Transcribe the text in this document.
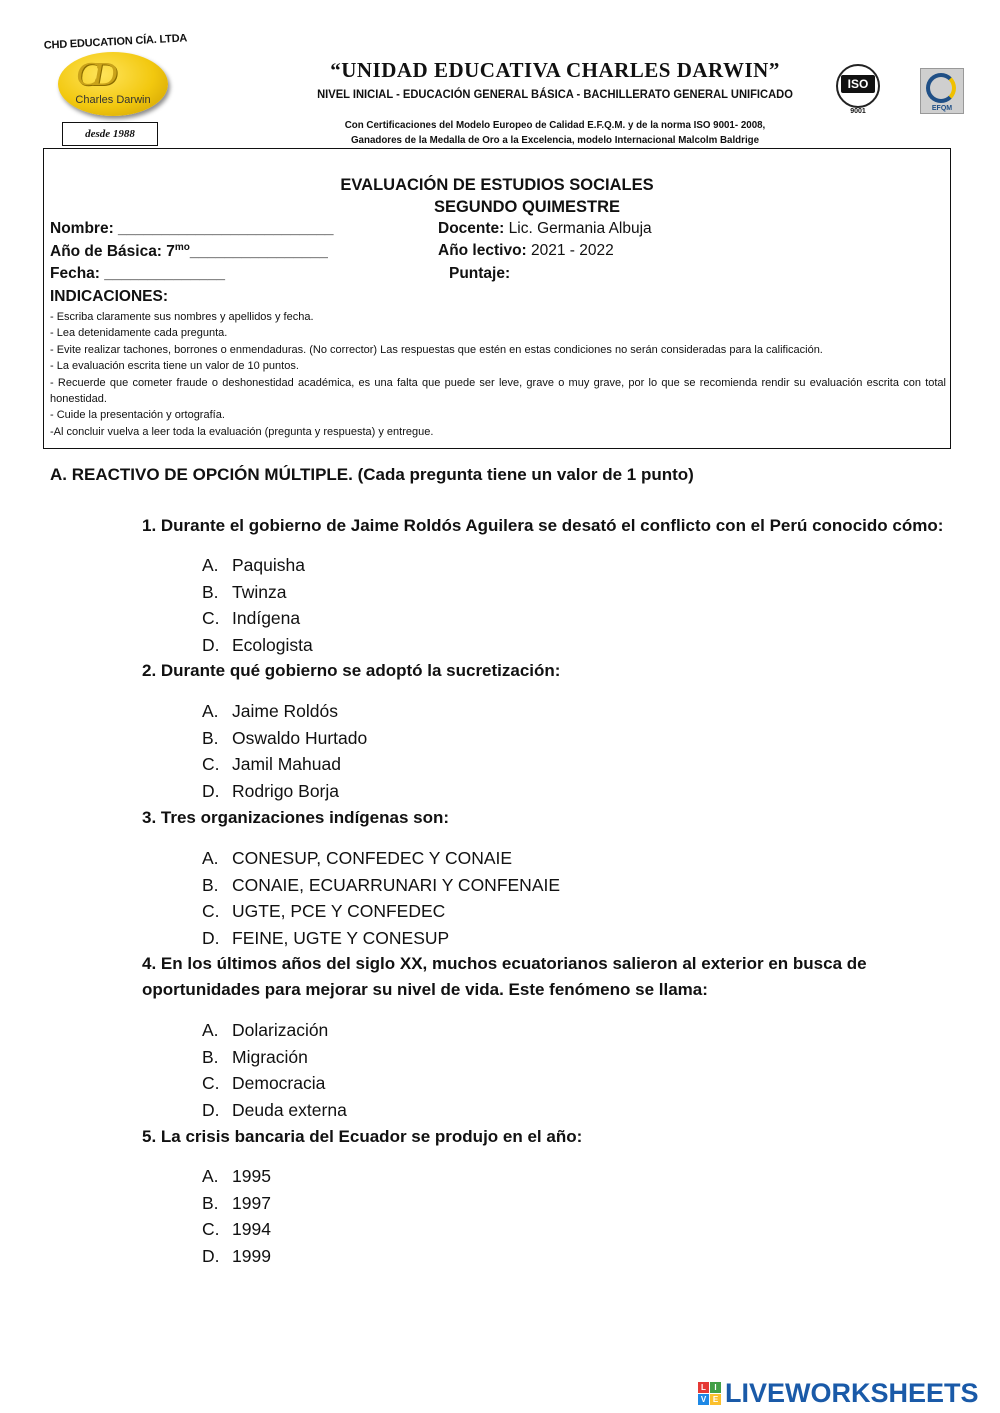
CHD EDUCATION CÍA. LTDA
CD
Charles Darwin
desde 1988
“UNIDAD EDUCATIVA CHARLES DARWIN”
NIVEL INICIAL - EDUCACIÓN GENERAL BÁSICA - BACHILLERATO GENERAL UNIFICADO
Con Certificaciones del Modelo Europeo de Calidad E.F.Q.M. y de la norma ISO 9001- 2008,
Ganadores de la Medalla de Oro a la Excelencia, modelo Internacional Malcolm Baldrige
ISO
9001	EFQM
EVALUACIÓN DE ESTUDIOS SOCIALES
SEGUNDO QUIMESTRE
Nombre: _________________________
Año de Básica: $7^{mo}\_\_\_\_\_\_\_\_\_\_\_\_\_\_\_\_$
Fecha: ______________
Docente: Lic. Germania Albuja
Año lectivo: 2021 - 2022
Puntaje:
INDICACIONES:
- Escriba claramente sus nombres y apellidos y fecha.
- Lea detenidamente cada pregunta.
- Evite realizar tachones, borrones o enmendaduras. (No corrector) Las respuestas que estén en estas condiciones no serán consideradas para la calificación.
- La evaluación escrita tiene un valor de 10 puntos.
- Recuerde que cometer fraude o deshonestidad académica, es una falta que puede ser leve, grave o muy grave, por lo que se recomienda rendir su evaluación escrita con total honestidad.
- Cuide la presentación y ortografía.
-Al concluir vuelva a leer toda la evaluación (pregunta y respuesta) y entregue.
A. REACTIVO DE OPCIÓN MÚLTIPLE. (Cada pregunta tiene un valor de 1 punto)
1. Durante el gobierno de Jaime Roldós Aguilera se desató el conflicto con el Perú conocido cómo:
A. Paquisha
B. Twinza
C. Indígena
D. Ecologista
2. Durante qué gobierno se adoptó la sucretización:
A. Jaime Roldós
B. Oswaldo Hurtado
C. Jamil Mahuad
D. Rodrigo Borja
3. Tres organizaciones indígenas son:
A. CONESUP, CONFEDEC Y CONAIE
B. CONAIE, ECUARRUNARI Y CONFENAIE
C. UGTE, PCE Y CONFEDEC
D. FEINE, UGTE Y CONESUP
4. En los últimos años del siglo XX, muchos ecuatorianos salieron al exterior en busca de oportunidades para mejorar su nivel de vida. Este fenómeno se llama:
A. Dolarización
B. Migración
C. Democracia
D. Deuda externa
5. La crisis bancaria del Ecuador se produjo en el año:
A. 1995
B. 1997
C. 1994
D. 1999
L	I
V E LIVEWORKSHEETS
